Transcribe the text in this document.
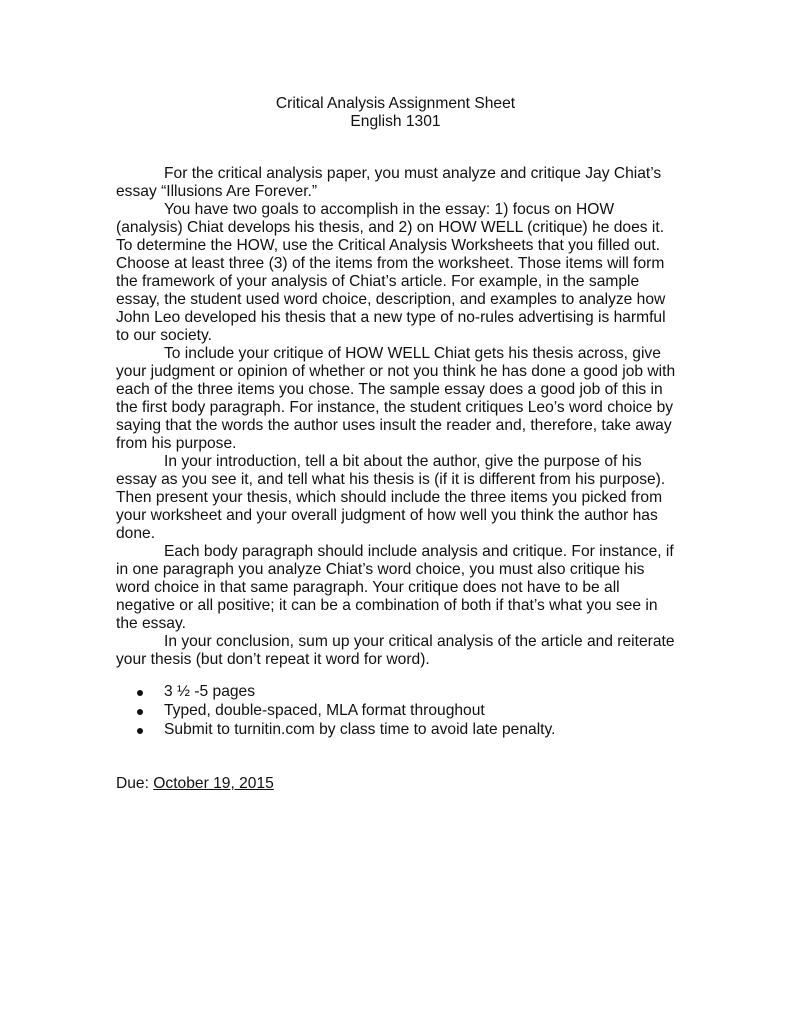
Critical Analysis Assignment Sheet
English 1301

For the critical analysis paper, you must analyze and critique Jay Chiat’s essay “Illusions Are Forever.”

You have two goals to accomplish in the essay: 1) focus on HOW (analysis) Chiat develops his thesis, and 2) on HOW WELL (critique) he does it. To determine the HOW, use the Critical Analysis Worksheets that you filled out. Choose at least three (3) of the items from the worksheet. Those items will form the framework of your analysis of Chiat’s article. For example, in the sample essay, the student used word choice, description, and examples to analyze how John Leo developed his thesis that a new type of no-rules advertising is harmful to our society.

To include your critique of HOW WELL Chiat gets his thesis across, give your judgment or opinion of whether or not you think he has done a good job with each of the three items you chose. The sample essay does a good job of this in the first body paragraph. For instance, the student critiques Leo’s word choice by saying that the words the author uses insult the reader and, therefore, take away from his purpose.

In your introduction, tell a bit about the author, give the purpose of his essay as you see it, and tell what his thesis is (if it is different from his purpose). Then present your thesis, which should include the three items you picked from your worksheet and your overall judgment of how well you think the author has done.

Each body paragraph should include analysis and critique. For instance, if in one paragraph you analyze Chiat’s word choice, you must also critique his word choice in that same paragraph. Your critique does not have to be all negative or all positive; it can be a combination of both if that’s what you see in the essay.

In your conclusion, sum up your critical analysis of the article and reiterate your thesis (but don’t repeat it word for word).

3 ½ -5 pages
Typed, double-spaced, MLA format throughout
Submit to turnitin.com by class time to avoid late penalty.
Due: October 19, 2015
